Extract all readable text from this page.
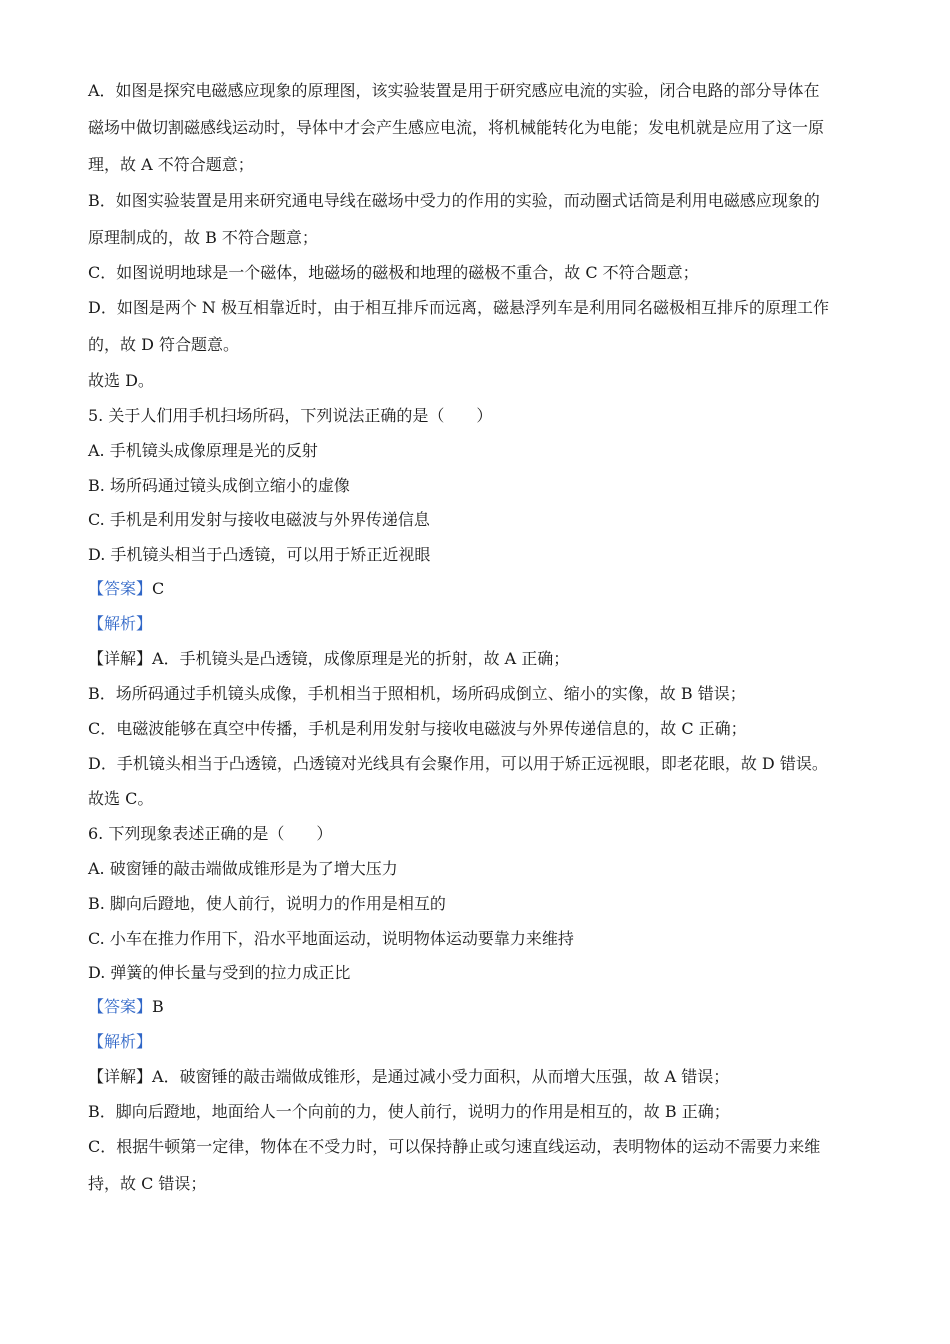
A．如图是探究电磁感应现象的原理图，该实验装置是用于研究感应电流的实验，闭合电路的部分导体在
磁场中做切割磁感线运动时，导体中才会产生感应电流，将机械能转化为电能；发电机就是应用了这一原
理，故 A 不符合题意；
B．如图实验装置是用来研究通电导线在磁场中受力的作用的实验，而动圈式话筒是利用电磁感应现象的
原理制成的，故 B 不符合题意；
C．如图说明地球是一个磁体，地磁场的磁极和地理的磁极不重合，故 C 不符合题意；
D．如图是两个 N 极互相靠近时，由于相互排斥而远离，磁悬浮列车是利用同名磁极相互排斥的原理工作
的，故 D 符合题意。
故选 D。
5. 关于人们用手机扫场所码，下列说法正确的是（　　）
A. 手机镜头成像原理是光的反射
B. 场所码通过镜头成倒立缩小的虚像
C. 手机是利用发射与接收电磁波与外界传递信息
D. 手机镜头相当于凸透镜，可以用于矫正近视眼
【答案】C
【解析】
【详解】A．手机镜头是凸透镜，成像原理是光的折射，故 A 正确；
B．场所码通过手机镜头成像，手机相当于照相机，场所码成倒立、缩小的实像，故 B 错误；
C．电磁波能够在真空中传播，手机是利用发射与接收电磁波与外界传递信息的，故 C 正确；
D．手机镜头相当于凸透镜，凸透镜对光线具有会聚作用，可以用于矫正远视眼，即老花眼，故 D 错误。
故选 C。
6. 下列现象表述正确的是（　　）
A. 破窗锤的敲击端做成锥形是为了增大压力
B. 脚向后蹬地，使人前行，说明力的作用是相互的
C. 小车在推力作用下，沿水平地面运动，说明物体运动要靠力来维持
D. 弹簧的伸长量与受到的拉力成正比
【答案】B
【解析】
【详解】A．破窗锤的敲击端做成锥形，是通过减小受力面积，从而增大压强，故 A 错误；
B．脚向后蹬地，地面给人一个向前的力，使人前行，说明力的作用是相互的，故 B 正确；
C．根据牛顿第一定律，物体在不受力时，可以保持静止或匀速直线运动，表明物体的运动不需要力来维
持，故 C 错误；
